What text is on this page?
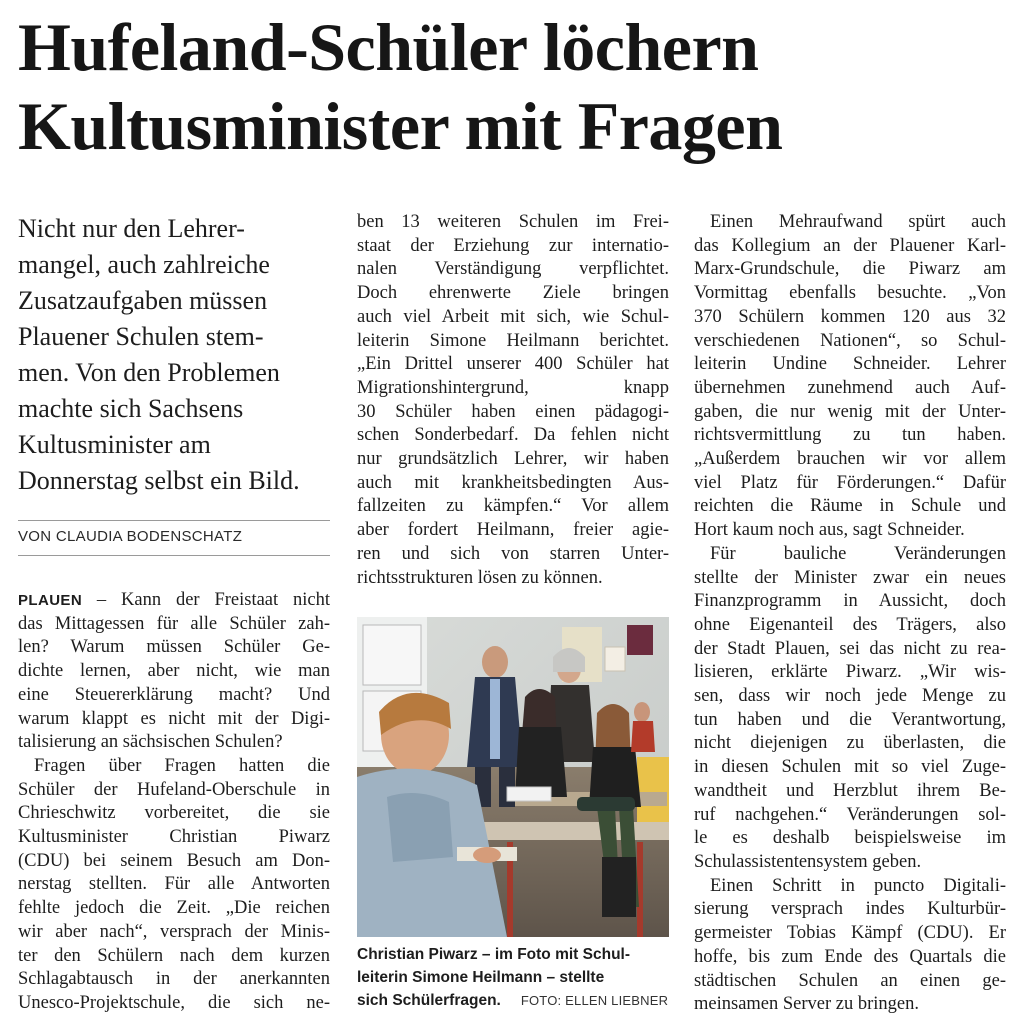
Hufeland-Schüler löchern
Kultusminister mit Fragen
Nicht nur den Lehrer-
mangel, auch zahlreiche
Zusatzaufgaben müssen
Plauener Schulen stem-
men. Von den Problemen
machte sich Sachsens
Kultusminister am
Donnerstag selbst ein Bild.
VON CLAUDIA BODENSCHATZ
PLAUEN – Kann der Freistaat nicht
das Mittagessen für alle Schüler zah-
len? Warum müssen Schüler Ge-
dichte lernen, aber nicht, wie man
eine Steuererklärung macht? Und
warum klappt es nicht mit der Digi-
talisierung an sächsischen Schulen?
Fragen über Fragen hatten die
Schüler der Hufeland-Oberschule in
Chrieschwitz vorbereitet, die sie
Kultusminister Christian Piwarz
(CDU) bei seinem Besuch am Don-
nerstag stellten. Für alle Antworten
fehlte jedoch die Zeit. „Die reichen
wir aber nach“, versprach der Minis-
ter den Schülern nach dem kurzen
Schlagabtausch in der anerkannten
Unesco-Projektschule, die sich ne-
ben 13 weiteren Schulen im Frei-
staat der Erziehung zur internatio-
nalen Verständigung verpflichtet.
Doch ehrenwerte Ziele bringen
auch viel Arbeit mit sich, wie Schul-
leiterin Simone Heilmann berichtet.
„Ein Drittel unserer 400 Schüler hat
Migrationshintergrund, knapp
30 Schüler haben einen pädagogi-
schen Sonderbedarf. Da fehlen nicht
nur grundsätzlich Lehrer, wir haben
auch mit krankheitsbedingten Aus-
fallzeiten zu kämpfen.“ Vor allem
aber fordert Heilmann, freier agie-
ren und sich von starren Unter-
richtsstrukturen lösen zu können.
Christian Piwarz – im Foto mit Schul-
leiterin Simone Heilmann – stellte
sich Schülerfragen. FOTO: ELLEN LIEBNER
Einen Mehraufwand spürt auch
das Kollegium an der Plauener Karl-
Marx-Grundschule, die Piwarz am
Vormittag ebenfalls besuchte. „Von
370 Schülern kommen 120 aus 32
verschiedenen Nationen“, so Schul-
leiterin Undine Schneider. Lehrer
übernehmen zunehmend auch Auf-
gaben, die nur wenig mit der Unter-
richtsvermittlung zu tun haben.
„Außerdem brauchen wir vor allem
viel Platz für Förderungen.“ Dafür
reichten die Räume in Schule und
Hort kaum noch aus, sagt Schneider.
Für bauliche Veränderungen
stellte der Minister zwar ein neues
Finanzprogramm in Aussicht, doch
ohne Eigenanteil des Trägers, also
der Stadt Plauen, sei das nicht zu rea-
lisieren, erklärte Piwarz. „Wir wis-
sen, dass wir noch jede Menge zu
tun haben und die Verantwortung,
nicht diejenigen zu überlasten, die
in diesen Schulen mit so viel Zuge-
wandtheit und Herzblut ihrem Be-
ruf nachgehen.“ Veränderungen sol-
le es deshalb beispielsweise im
Schulassistentensystem geben.
Einen Schritt in puncto Digitali-
sierung versprach indes Kulturbür-
germeister Tobias Kämpf (CDU). Er
hoffe, bis zum Ende des Quartals die
städtischen Schulen an einen ge-
meinsamen Server zu bringen.
